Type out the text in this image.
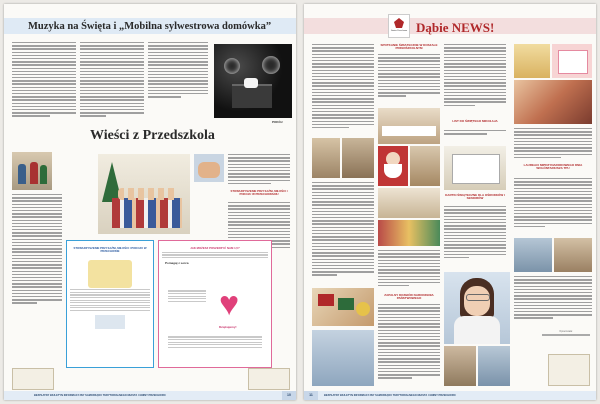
Muzyka na Święta i „Mobilna sylwestrowa domówka”
POKÓJ
Wieści z Przedszkola
STOWARZYSZENIE PRZYJAŹNI, MIŁOŚCI I POKOJU W PRZECHOWANIU
STOWARZYSZENIE PRZYJAŹNI, MIŁOŚCI I POKOJU W PRZECHOWIE
JAK MOŻESZ POSZERZYĆ NAM 1,5?
Pomagaj z serca
♥
Dziękujemy!
BEZPŁATNY BIULETYN INFORMACYJNY SAMORZĄDU TERYTORIALNEGO MIASTA I GMINY PRZECHOWO	10
Gmina Przechowo Dąbie NEWS!
SPOTKANIE ŚWIĄTECZNE W DOSZALE PRZEDSZKOLNYM
ZAPALNY DOZBIÓD NARODZENIA PAŃSTWOWEGO
LIST DO ŚWIĘTEGO MIKOŁAJA
KARTKI ŚWIĄTECZNE DLA OŚRODKÓW I SENIORÓW
LAUREACI MIĘDZYNARODOWEGO DNIA WOLONTARIUSZA TPU
Opracowała:
BEZPŁATNY BIULETYN INFORMACYJNY SAMORZĄDU TERYTORIALNEGO MIASTA I GMINY PRZECHOWO
11
